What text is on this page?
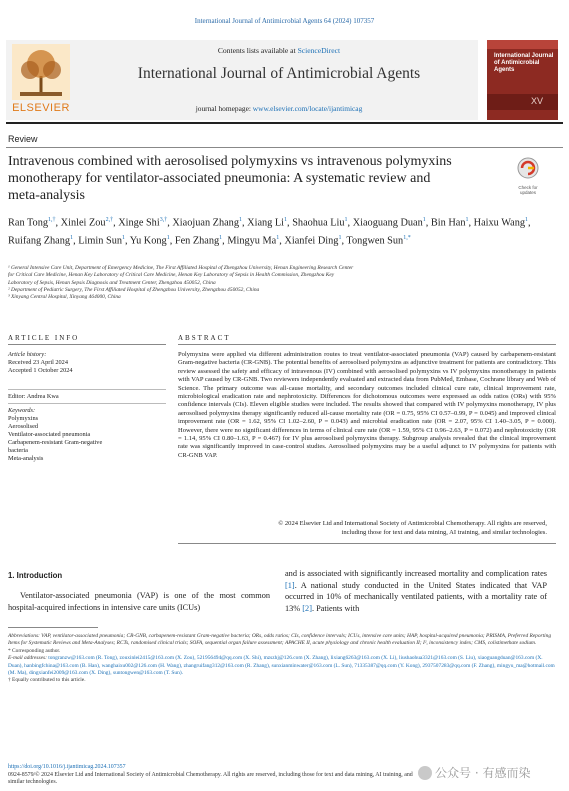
International Journal of Antimicrobial Agents 64 (2024) 107357
ELSEVIER
Contents lists available at ScienceDirect
International Journal of Antimicrobial Agents
journal homepage: www.elsevier.com/locate/ijantimicag
International Journal of Antimicrobial Agents
XV
Review
Intravenous combined with aerosolised polymyxins vs intravenous polymyxins monotherapy for ventilator-associated pneumonia: A systematic review and meta-analysis
Check for updates
Ran Tong$^{1,\dagger}$, Xinlei Zou$^{2,\dagger}$, Xinge Shi$^{3,\dagger}$, Xiaojuan Zhang$^1$, Xiang Li$^1$, Shaohua Liu$^1$, Xiaoguang Duan$^1$, Bin Han$^1$, Haixu Wang$^1$, Ruifang Zhang$^1$, Limin Sun$^1$, Yu Kong$^1$, Fen Zhang$^1$, Mingyu Ma$^1$, Xianfei Ding$^1$, Tongwen Sun$^{1,*}$
¹ General Intensive Care Unit, Department of Emergency Medicine, The First Affiliated Hospital of Zhengzhou University, Henan Engineering Research Center
for Critical Care Medicine, Henan Key Laboratory of Critical Care Medicine, Henan Key Laboratory of Sepsis in Health Commission, Zhengzhou Key
Laboratory of Sepsis, Henan Sepsis Diagnosis and Treatment Center, Zhengzhou 450052, China
² Department of Pediatric Surgery, The First Affiliated Hospital of Zhengzhou University, Zhengzhou 450052, China
³ Xinyang Central Hospital, Xinyang 464000, China
ARTICLE INFO	ABSTRACT
Article history:
Received 23 April 2024
Accepted 1 October 2024
Editor: Andrea Kwa
Keywords:
Polymyxins
Aerosolised
Ventilator-associated pneumonia
Carbapenem-resistant Gram-negative
bacteria
Meta-analysis
Polymyxins were applied via different administration routes to treat ventilator-associated pneumonia (VAP) caused by carbapenem-resistant Gram-negative bacteria (CR-GNB). The potential benefits of aerosolised polymyxins as adjunctive treatment for patients are contradictory. This review assessed the safety and efficacy of intravenous (IV) combined with aerosolised polymyxins vs IV polymyxins monotherapy in patients with VAP caused by CR-GNB. Two reviewers independently evaluated and extracted data from PubMed, Embase, Cochrane library and Web of Science. The primary outcome was all-cause mortality, and secondary outcomes included clinical cure rate, clinical improvement rate, microbiological eradication rate and nephrotoxicity. Differences for dichotomous outcomes were expressed as odds ratios (ORs) with 95% confidence intervals (CIs). Eleven eligible studies were included. The results showed that compared with IV polymyxins monotherapy, IV plus aerosolised polymyxins therapy significantly reduced all-cause mortality rate (OR = 0.75, 95% CI 0.57–0.99, P = 0.045) and improved clinical improvement rate (OR = 1.62, 95% CI 1.02–2.60, P = 0.043) and microbial eradication rate (OR = 2.07, 95% CI 1.40–3.05, P = 0.000). However, there were no significant differences in terms of clinical cure rate (OR = 1.59, 95% CI 0.96–2.63, P = 0.072) and nephrotoxicity (OR = 1.14, 95% CI 0.80–1.63, P = 0.467) for IV plus aerosolised polymyxins therapy. Subgroup analysis revealed that the clinical improvement rate was significantly improved in case-control studies. Aerosolised polymyxins may be a useful adjunct to IV polymyxins for patients with CR-GNB VAP.
© 2024 Elsevier Ltd and International Society of Antimicrobial Chemotherapy. All rights are reserved,
including those for text and data mining, AI training, and similar technologies.
1. Introduction
Ventilator-associated pneumonia (VAP) is one of the most common hospital-acquired infections in intensive care units (ICUs)
and is associated with significantly increased mortality and complication rates [1]. A national study conducted in the United States indicated that VAP occurred in 10% of mechanically ventilated patients, with a mortality rate of 13% [2]. Patients with
Abbreviations: VAP, ventilator-associated pneumonia; CR-GNB, carbapenem-resistant Gram-negative bacteria; ORs, odds ratios; CIs, confidence intervals; ICUs, intensive care units; HAP, hospital-acquired pneumonia; PRISMA, Preferred Reporting Items for Systematic Reviews and Meta-Analyses; RCTs, randomised clinical trials; SOFA, sequential organ failure assessment; APACHE II, acute physiology and chronic health evaluation II; I², inconsistency index; CMS, colistimethate sodium.
* Corresponding author.
E-mail addresses: tongranzw@163.com (R. Tong), zouxinlei2415@163.com (X. Zou), 521956494@qq.com (X. Shi), mzszhj@126.com (X. Zhang), lixiang6263@163.com (X. Li), liushaohua3321@163.com (S. Liu), xiaoguangduan@163.com (X. Duan), hanbingfchina@163.com (B. Han), wanghaixu002@126.com (H. Wang), zhangruifang312@163.com (R. Zhang), sunxianminwater@163.com (L. Sun), 71335387@qq.com (Y. Kong), 2937507283@qq.com (F. Zhang), mingyu_ma@hotmail.com (M. Ma), dingxianfei2009@163.com (X. Ding), suntongwen@163.com (T. Sun).
† Equally contributed to this article.
https://doi.org/10.1016/j.ijantimicag.2024.107357
0924-8579/© 2024 Elsevier Ltd and International Society of Antimicrobial Chemotherapy. All rights are reserved, including those for text and data mining, AI training, and
similar technologies.
公众号 · 有感而染
